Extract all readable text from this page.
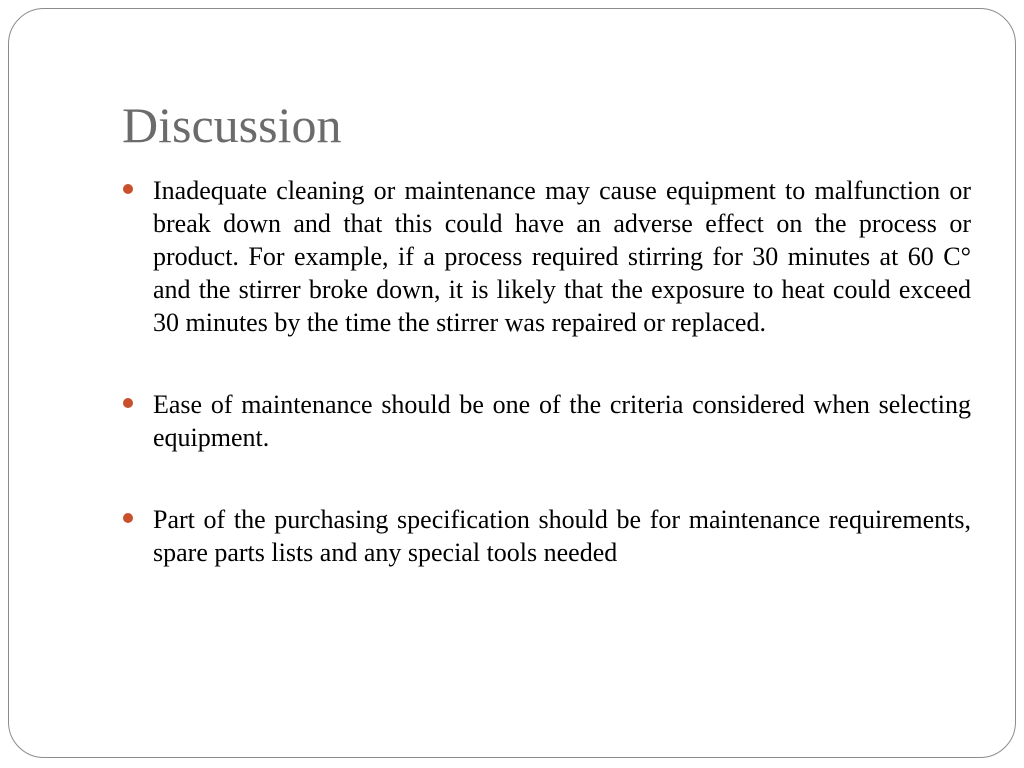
Discussion
Inadequate cleaning or maintenance may cause equipment to malfunction or break down and that this could have an adverse effect on the process or product. For example, if a process required stirring for 30 minutes at 60 C° and the stirrer broke down, it is likely that the exposure to heat could exceed 30 minutes by the time the stirrer was repaired or replaced.
Ease of maintenance should be one of the criteria considered when selecting equipment.
Part of the purchasing specification should be for maintenance requirements, spare parts lists and any special tools needed
